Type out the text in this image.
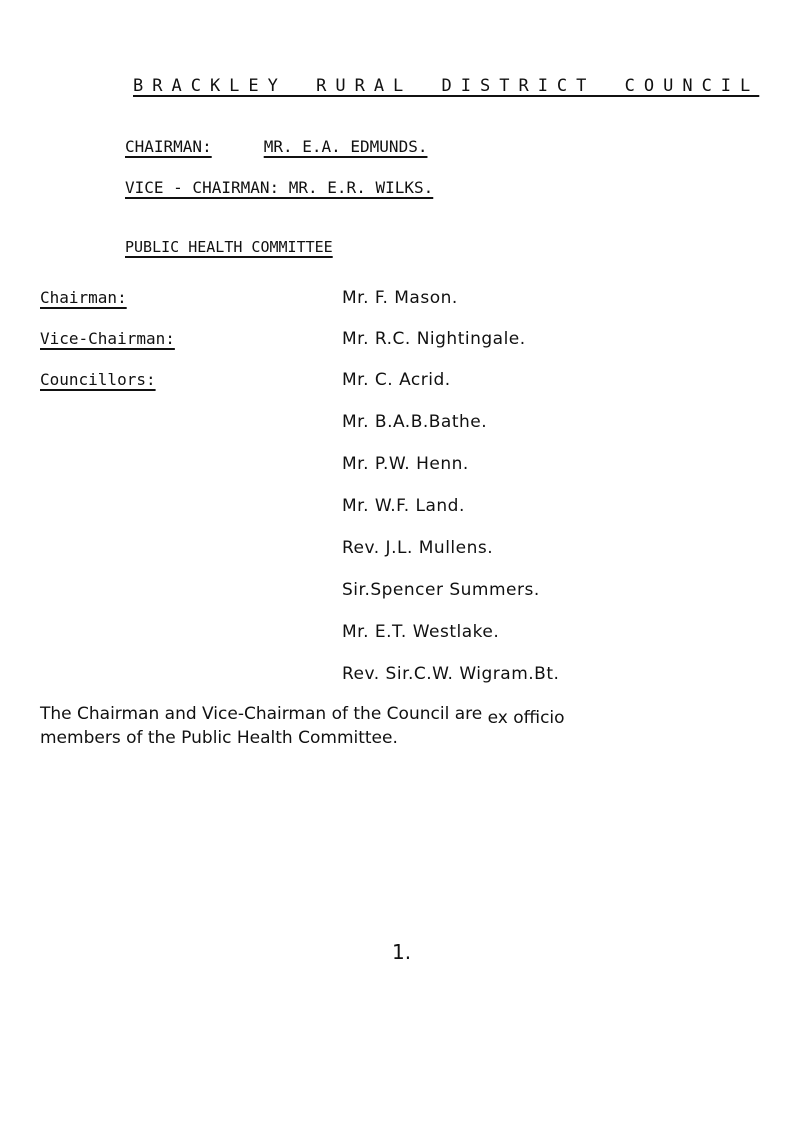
BRACKLEY RURAL DISTRICT COUNCIL
CHAIRMAN:	MR. E.A. EDMUNDS.
VICE - CHAIRMAN: MR. E.R. WILKS.
PUBLIC HEALTH COMMITTEE
Chairman:	Mr. F. Mason.
Vice-Chairman:	Mr. R.C. Nightingale.
Councillors:	Mr. C. Acrid.
Mr. B.A.B.Bathe.
Mr. P.W. Henn.
Mr. W.F. Land.
Rev. J.L. Mullens.
Sir.Spencer Summers.
Mr. E.T. Westlake.
Rev. Sir.C.W. Wigram.Bt.
The Chairman and Vice-Chairman of the Council are ex officio
members of the Public Health Committee.
1.
